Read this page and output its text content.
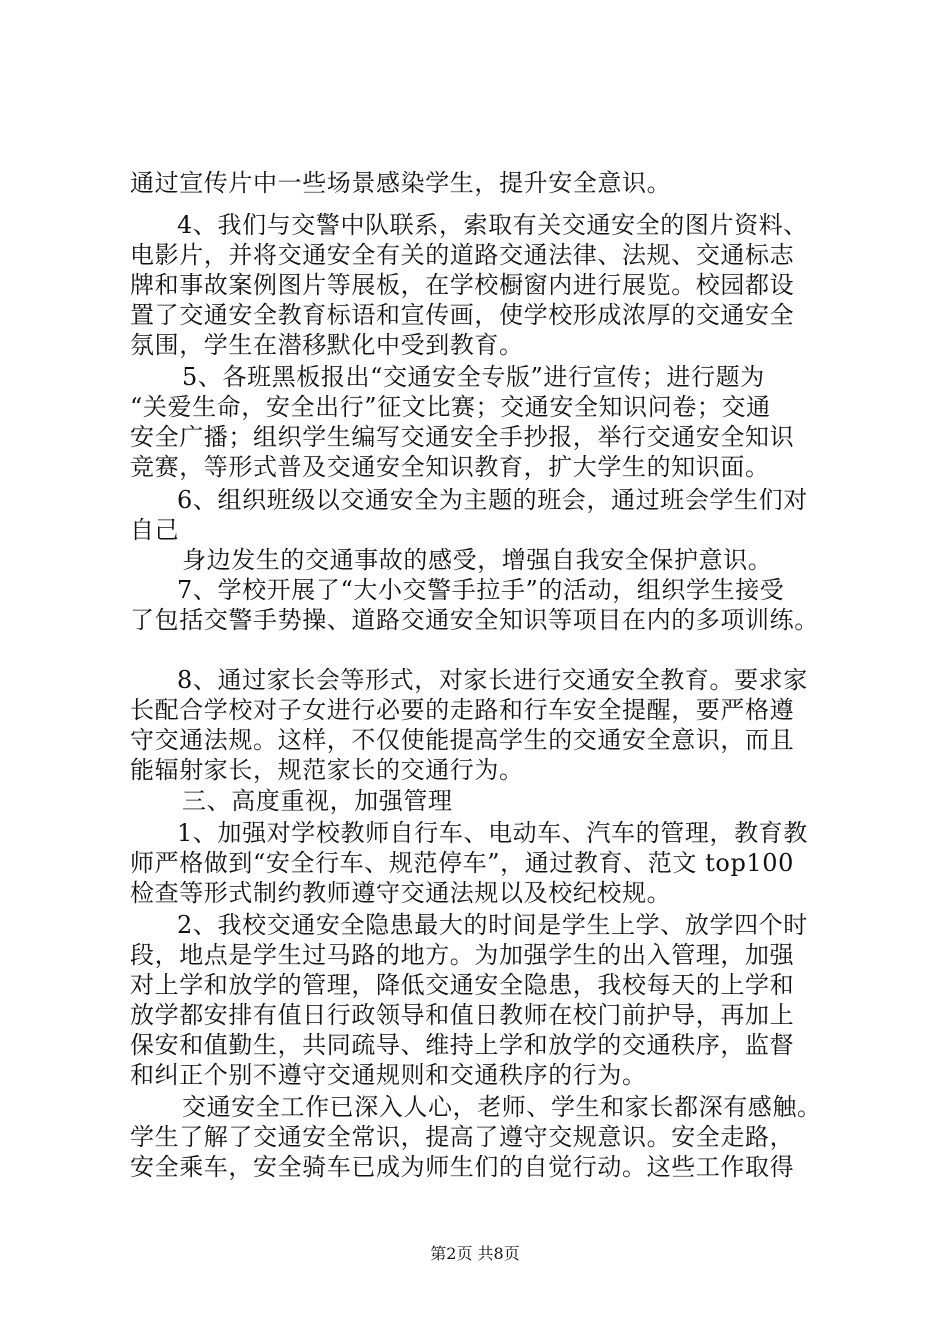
通过宣传片中一些场景感染学生，提升安全意识。
4、我们与交警中队联系，索取有关交通安全的图片资料、
电影片，并将交通安全有关的道路交通法律、法规、交通标志
牌和事故案例图片等展板，在学校橱窗内进行展览。校园都设
置了交通安全教育标语和宣传画，使学校形成浓厚的交通安全
氛围，学生在潜移默化中受到教育。
5、各班黑板报出“交通安全专版”进行宣传；进行题为
“关爱生命，安全出行”征文比赛；交通安全知识问卷；交通
安全广播；组织学生编写交通安全手抄报，举行交通安全知识
竞赛，等形式普及交通安全知识教育，扩大学生的知识面。
6、组织班级以交通安全为主题的班会，通过班会学生们对
自己
身边发生的交通事故的感受，增强自我安全保护意识。
7、学校开展了“大小交警手拉手”的活动，组织学生接受
了包括交警手势操、道路交通安全知识等项目在内的多项训练。
8、通过家长会等形式，对家长进行交通安全教育。要求家
长配合学校对子女进行必要的走路和行车安全提醒，要严格遵
守交通法规。这样，不仅使能提高学生的交通安全意识，而且
能辐射家长，规范家长的交通行为。
三、高度重视，加强管理
1、加强对学校教师自行车、电动车、汽车的管理，教育教
师严格做到“安全行车、规范停车”，通过教育、范文 top100
检查等形式制约教师遵守交通法规以及校纪校规。
2、我校交通安全隐患最大的时间是学生上学、放学四个时
段，地点是学生过马路的地方。为加强学生的出入管理，加强
对上学和放学的管理，降低交通安全隐患，我校每天的上学和
放学都安排有值日行政领导和值日教师在校门前护导，再加上
保安和值勤生，共同疏导、维持上学和放学的交通秩序，监督
和纠正个别不遵守交通规则和交通秩序的行为。
交通安全工作已深入人心，老师、学生和家长都深有感触。
学生了解了交通安全常识，提高了遵守交规意识。安全走路，
安全乘车，安全骑车已成为师生们的自觉行动。这些工作取得
第2页 共8页
